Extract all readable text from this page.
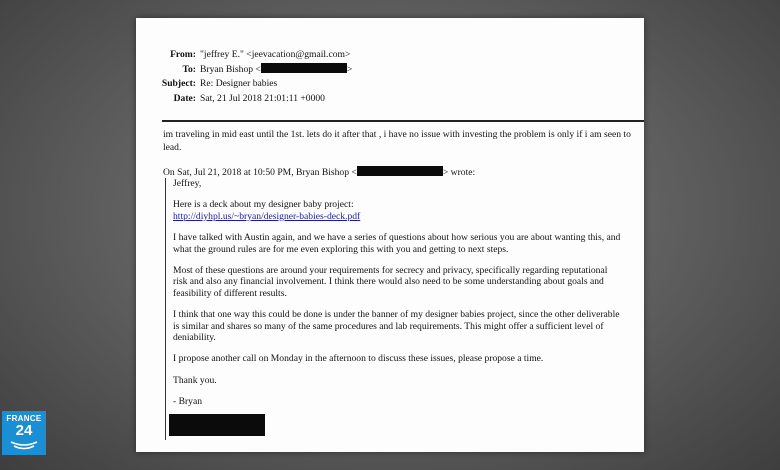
From: "jeffrey E." <jeevacation@gmail.com>
To: Bryan Bishop <	>
Subject: Re: Designer babies
Date: Sat, 21 Jul 2018 21:01:11 +0000
im traveling in mid east until the 1st. lets do it after that , i have no issue with investing the problem is only if i am seen to lead.
On Sat, Jul 21, 2018 at 10:50 PM, Bryan Bishop <	> wrote:

Jeffrey,

Here is a deck about my designer baby project:
http://diyhpl.us/~bryan/designer-babies-deck.pdf

I have talked with Austin again, and we have a series of questions about how serious you are about wanting this, and what the ground rules are for me even exploring this with you and getting to next steps.

Most of these questions are around your requirements for secrecy and privacy, specifically regarding reputational risk and also any financial involvement. I think there would also need to be some understanding about goals and feasibility of different results.

I think that one way this could be done is under the banner of my designer babies project, since the other deliverable is similar and shares so many of the same procedures and lab requirements. This might offer a sufficient level of deniability.

I propose another call on Monday in the afternoon to discuss these issues, please propose a time.

Thank you.

- Bryan

FRANCE
24
